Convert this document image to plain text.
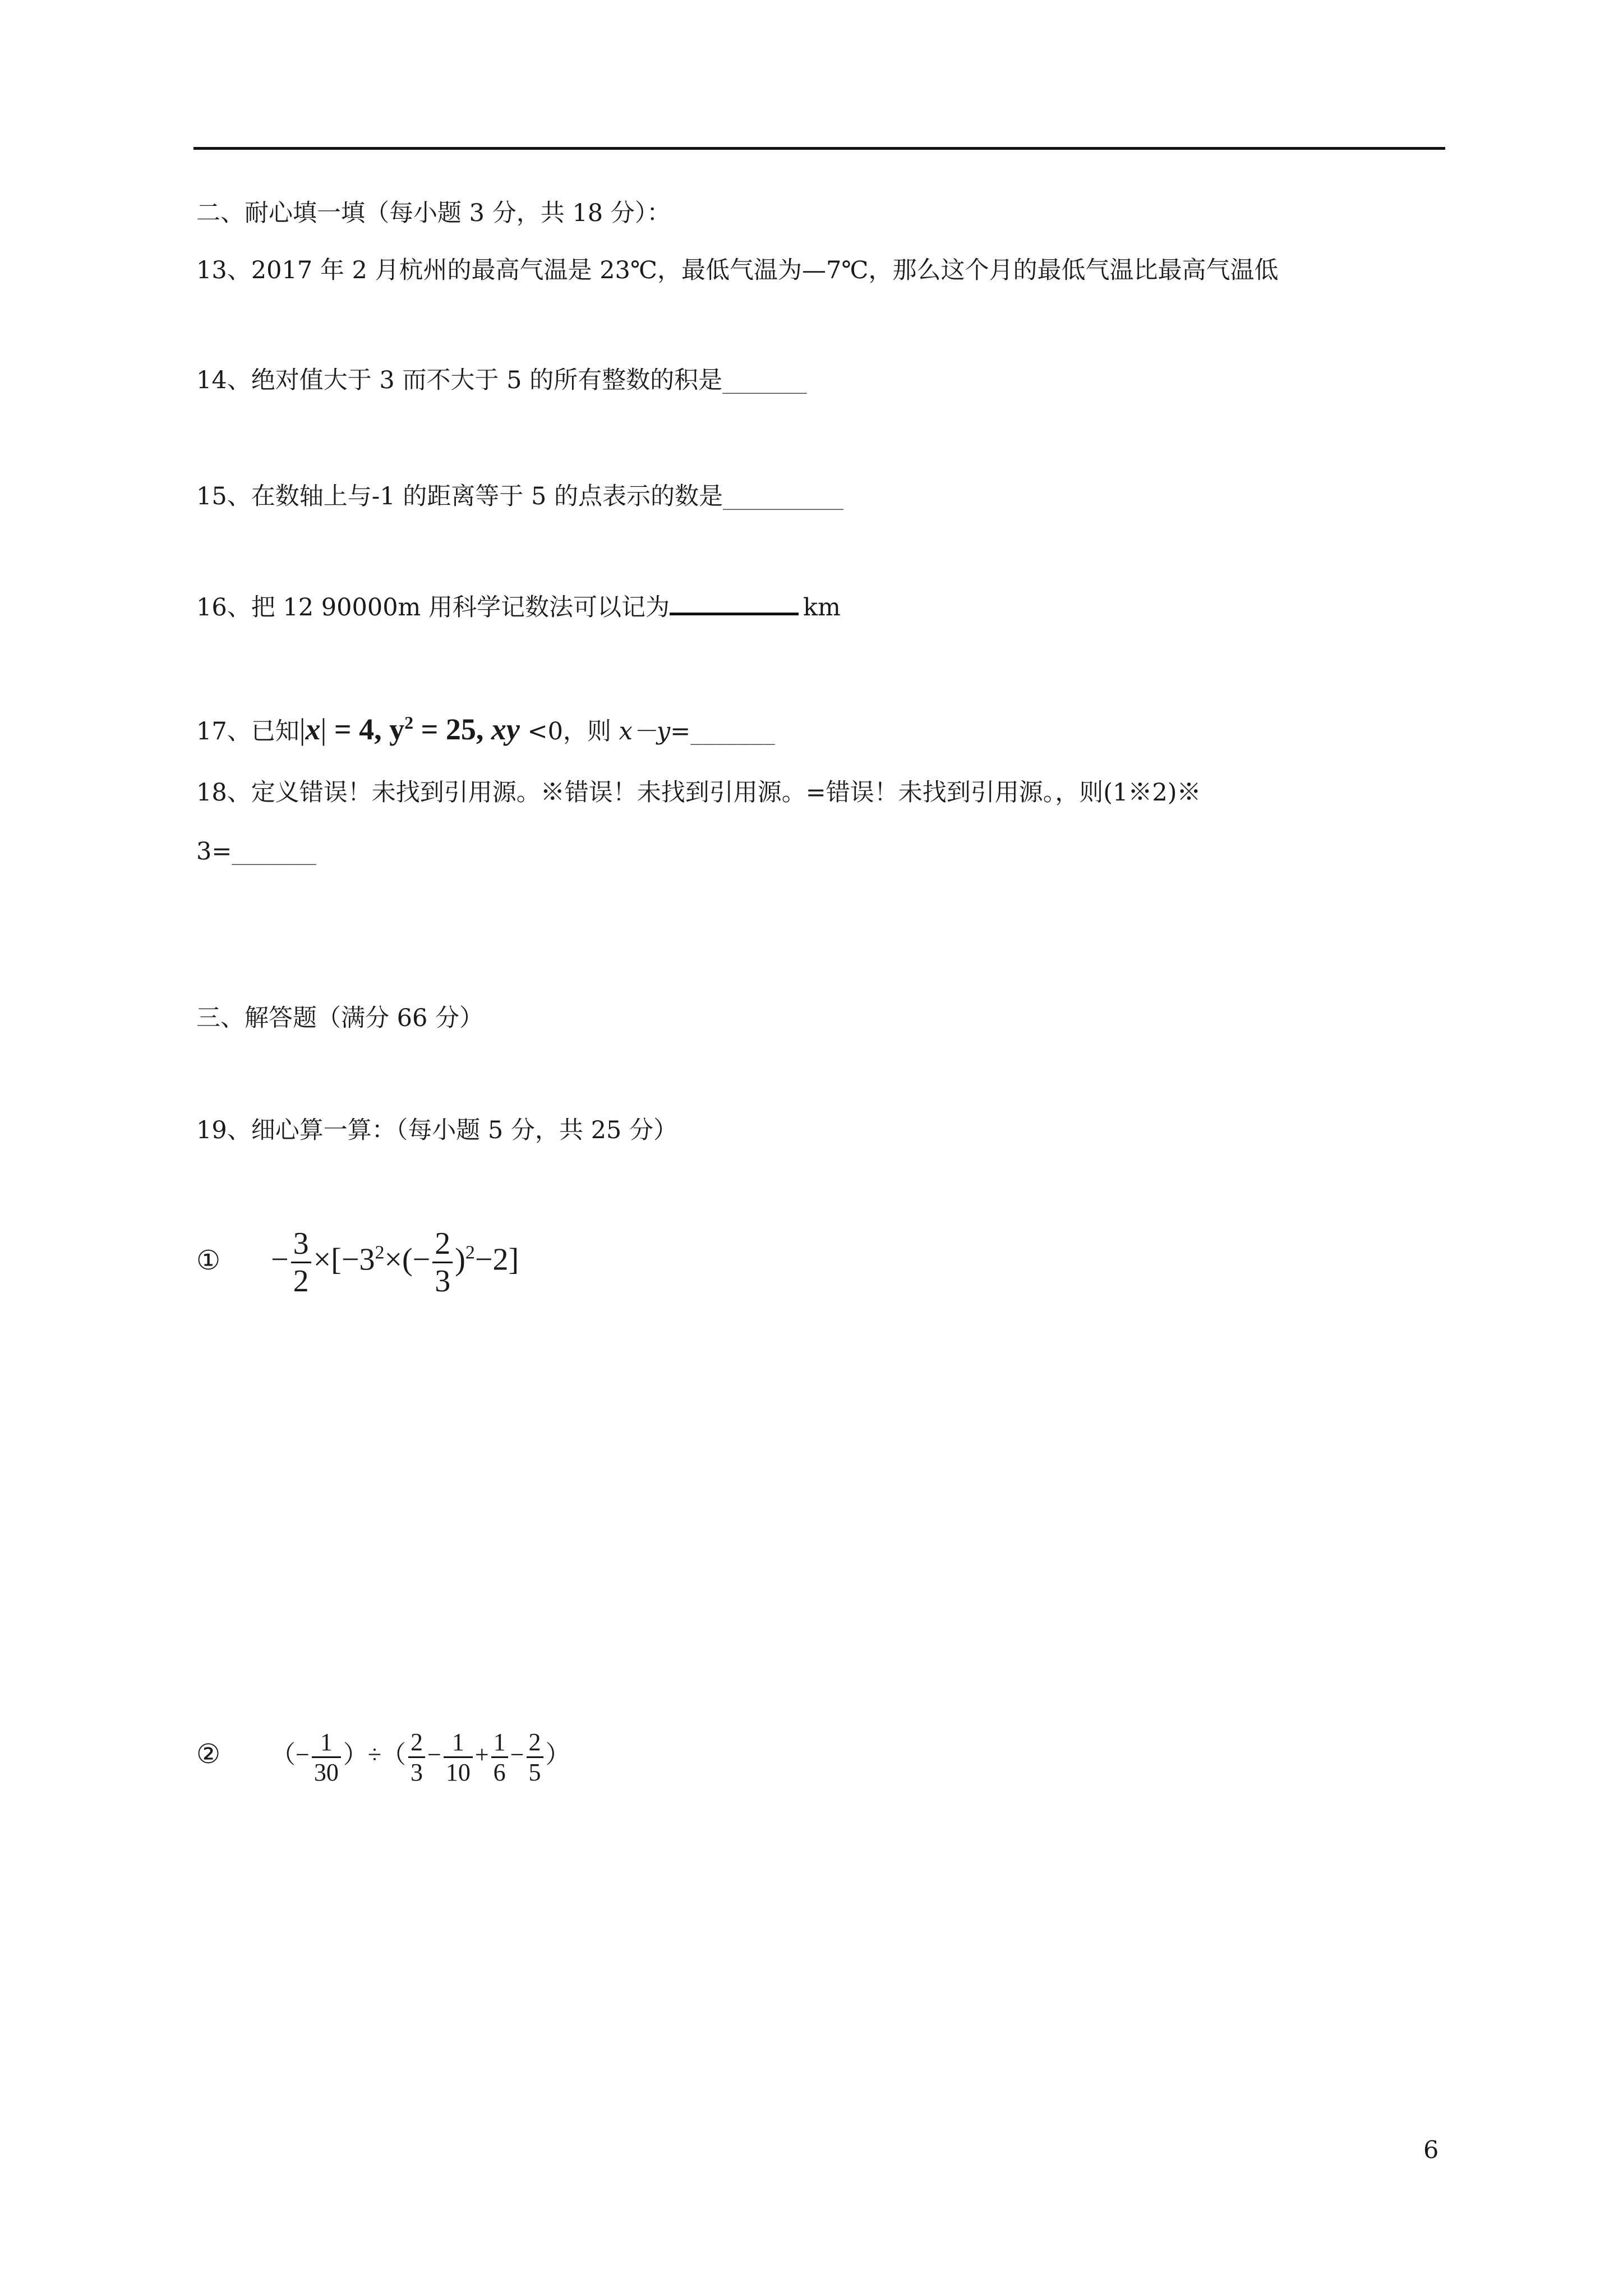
二、耐心填一填（每小题 3 分，共 18 分）：
13、2017 年 2 月杭州的最高气温是 23℃，最低气温为—7℃，那么这个月的最低气温比最高气温低
14、绝对值大于 3 而不大于 5 的所有整数的积是_______
15、在数轴上与-1 的距离等于 5 的点表示的数是__________
16、把 12 90000m 用科学记数法可以记为	km
17、已知|x| = 4, $y^2 = 25$, xy <0，则 x－y=_______
18、定义错误！未找到引用源。※错误！未找到引用源。=错误！未找到引用源。，则(1※2)※
3=_______
三、解答题（满分 66 分）
19、细心算一算：（每小题 5 分，共 25 分）
① − $\frac{3}{2} \times[-3^2\times(- \frac{2}{3} )^2-2]$
② （− $\frac{1}{30}$ ）÷（ $\frac{2}{3} - \frac{1}{10} + \frac{1}{6} - \frac{2}{5}$ ）
6
